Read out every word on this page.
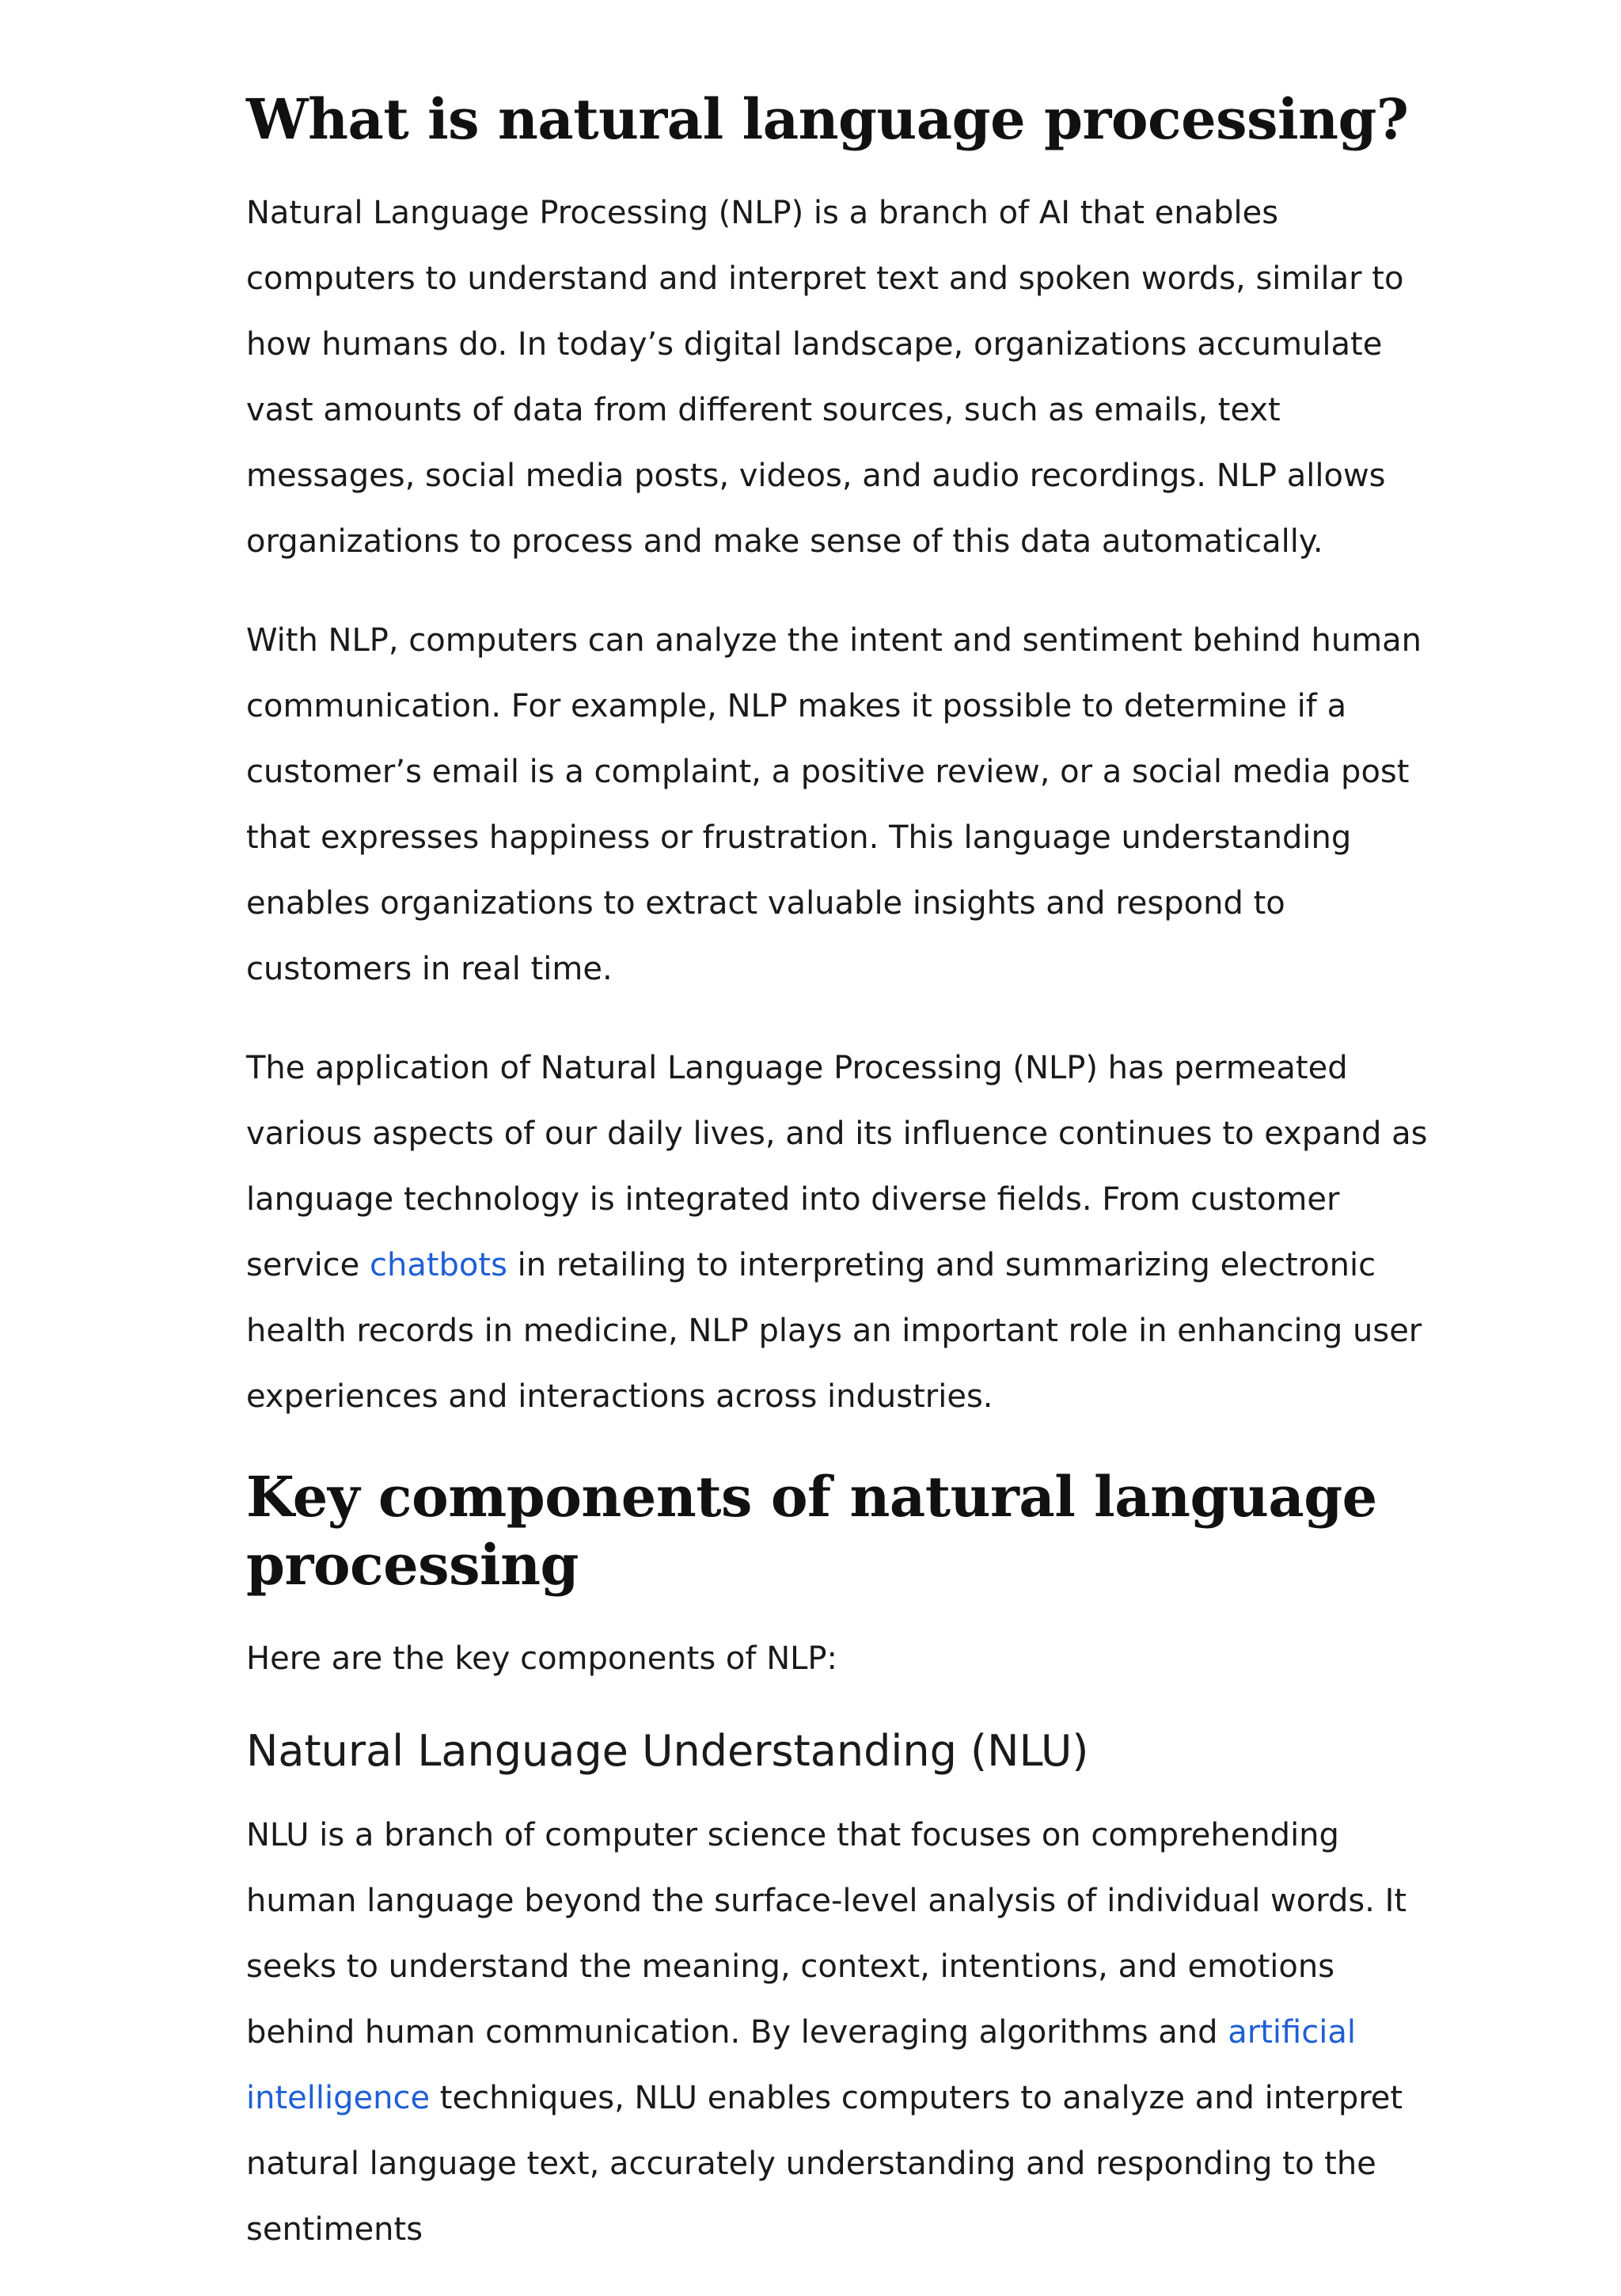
What is natural language processing?

Natural Language Processing (NLP) is a branch of AI that enables computers to understand and interpret text and spoken words, similar to how humans do. In today’s digital landscape, organizations accumulate vast amounts of data from different sources, such as emails, text messages, social media posts, videos, and audio recordings. NLP allows organizations to process and make sense of this data automatically.

With NLP, computers can analyze the intent and sentiment behind human communication. For example, NLP makes it possible to determine if a customer’s email is a complaint, a positive review, or a social media post that expresses happiness or frustration. This language understanding enables organizations to extract valuable insights and respond to customers in real time.

The application of Natural Language Processing (NLP) has permeated various aspects of our daily lives, and its influence continues to expand as language technology is integrated into diverse fields. From customer service chatbots in retailing to interpreting and summarizing electronic health records in medicine, NLP plays an important role in enhancing user experiences and interactions across industries.

Key components of natural language processing

Here are the key components of NLP:

Natural Language Understanding (NLU)

NLU is a branch of computer science that focuses on comprehending human language beyond the surface-level analysis of individual words. It seeks to understand the meaning, context, intentions, and emotions behind human communication. By leveraging algorithms and artificial intelligence techniques, NLU enables computers to analyze and interpret natural language text, accurately understanding and responding to the sentiments
